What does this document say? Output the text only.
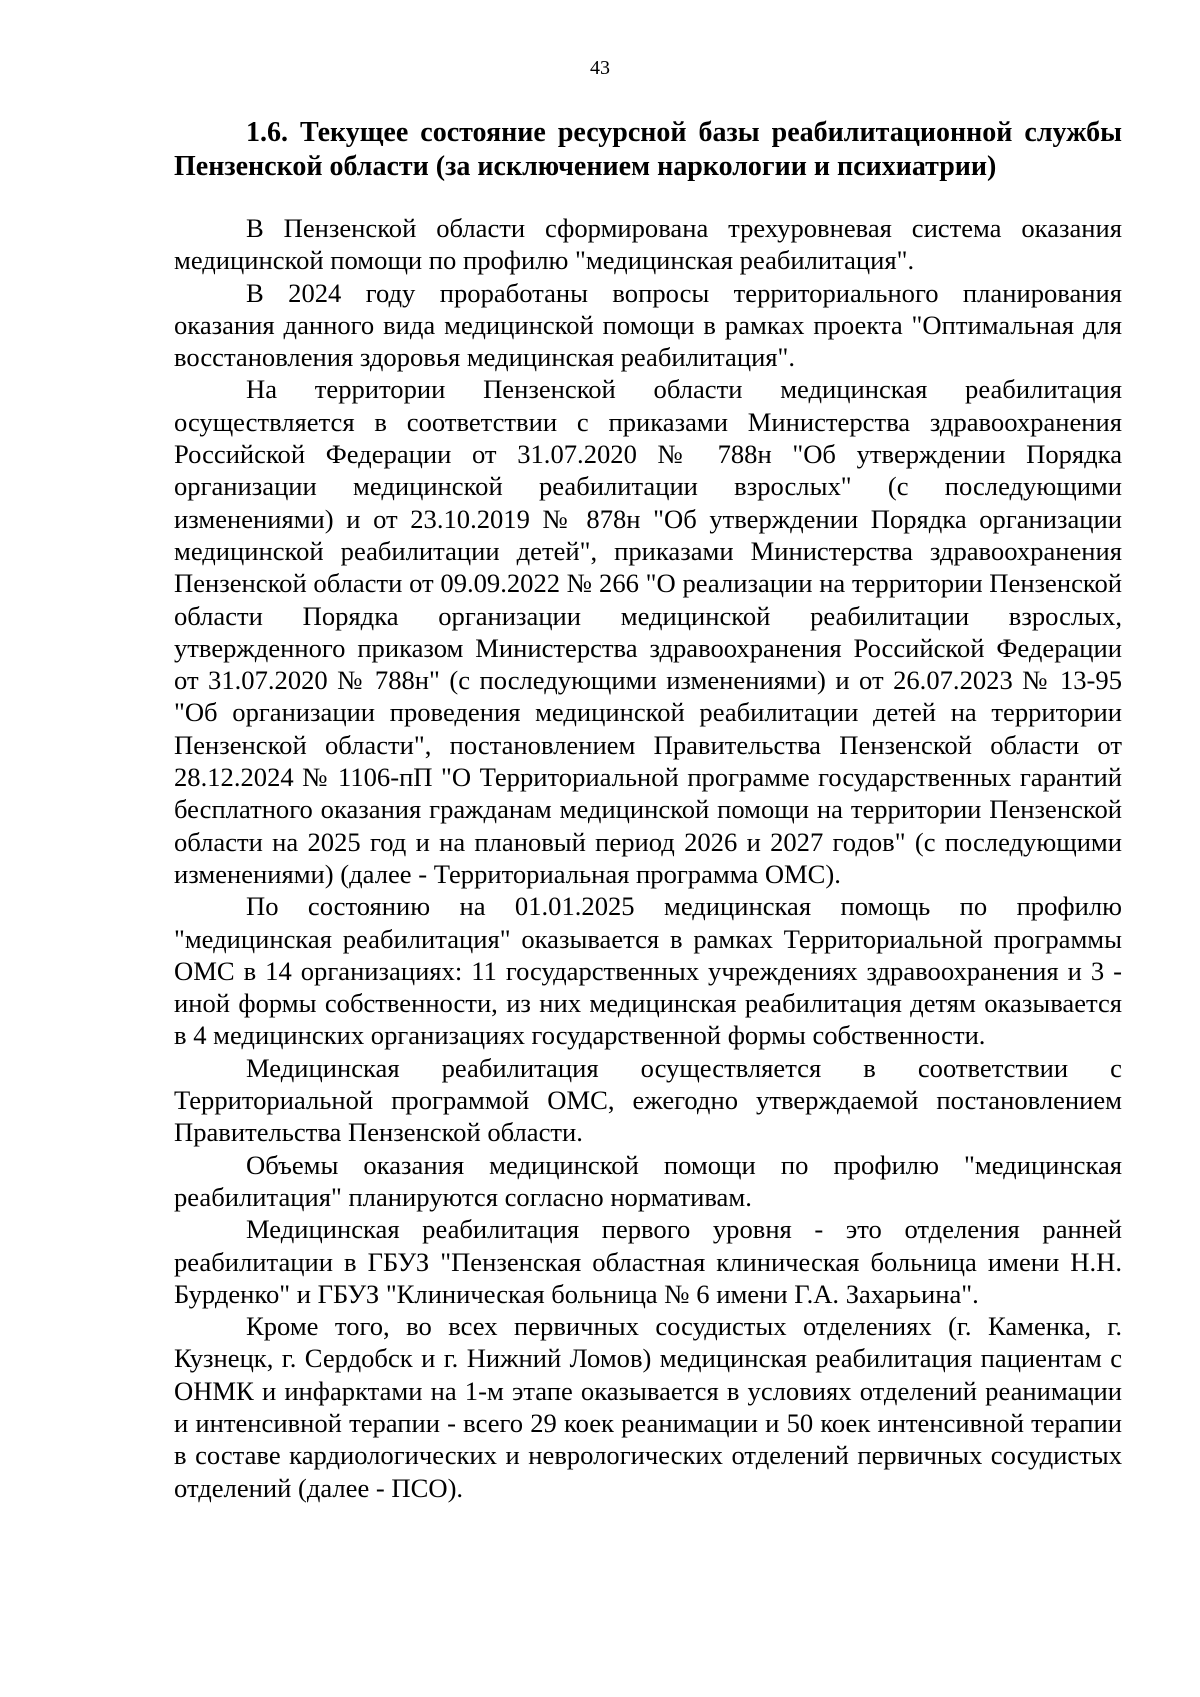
43
1.6. Текущее состояние ресурсной базы реабилитационной службы Пензенской области (за исключением наркологии и психиатрии)

В Пензенской области сформирована трехуровневая система оказания медицинской помощи по профилю "медицинская реабилитация".

В 2024 году проработаны вопросы территориального планирования оказания данного вида медицинской помощи в рамках проекта "Оптимальная для восстановления здоровья медицинская реабилитация".

На территории Пензенской области медицинская реабилитация осуществляется в соответствии с приказами Министерства здравоохранения Российской Федерации от 31.07.2020 № 788н "Об утверждении Порядка организации медицинской реабилитации взрослых" (с последующими изменениями) и от 23.10.2019 № 878н "Об утверждении Порядка организации медицинской реабилитации детей", приказами Министерства здравоохранения Пензенской области от 09.09.2022 № 266 "О реализации на территории Пензенской области Порядка организации медицинской реабилитации взрослых, утвержденного приказом Министерства здравоохранения Российской Федерации от 31.07.2020 № 788н" (с последующими изменениями) и от 26.07.2023 № 13-95 "Об организации проведения медицинской реабилитации детей на территории Пензенской области", постановлением Правительства Пензенской области от 28.12.2024 № 1106-пП "О Территориальной программе государственных гарантий бесплатного оказания гражданам медицинской помощи на территории Пензенской области на 2025 год и на плановый период 2026 и 2027 годов" (с последующими изменениями) (далее - Территориальная программа ОМС).

По состоянию на 01.01.2025 медицинская помощь по профилю "медицинская реабилитация" оказывается в рамках Территориальной программы ОМС в 14 организациях: 11 государственных учреждениях здравоохранения и 3 - иной формы собственности, из них медицинская реабилитация детям оказывается в 4 медицинских организациях государственной формы собственности.

Медицинская реабилитация осуществляется в соответствии с Территориальной программой ОМС, ежегодно утверждаемой постановлением Правительства Пензенской области.

Объемы оказания медицинской помощи по профилю "медицинская реабилитация" планируются согласно нормативам.

Медицинская реабилитация первого уровня - это отделения ранней реабилитации в ГБУЗ "Пензенская областная клиническая больница имени Н.Н. Бурденко" и ГБУЗ "Клиническая больница № 6 имени Г.А. Захарьина".

Кроме того, во всех первичных сосудистых отделениях (г. Каменка, г. Кузнецк, г. Сердобск и г. Нижний Ломов) медицинская реабилитация пациентам с ОНМК и инфарктами на 1-м этапе оказывается в условиях отделений реанимации и интенсивной терапии - всего 29 коек реанимации и 50 коек интенсивной терапии в составе кардиологических и неврологических отделений первичных сосудистых отделений (далее - ПСО).
